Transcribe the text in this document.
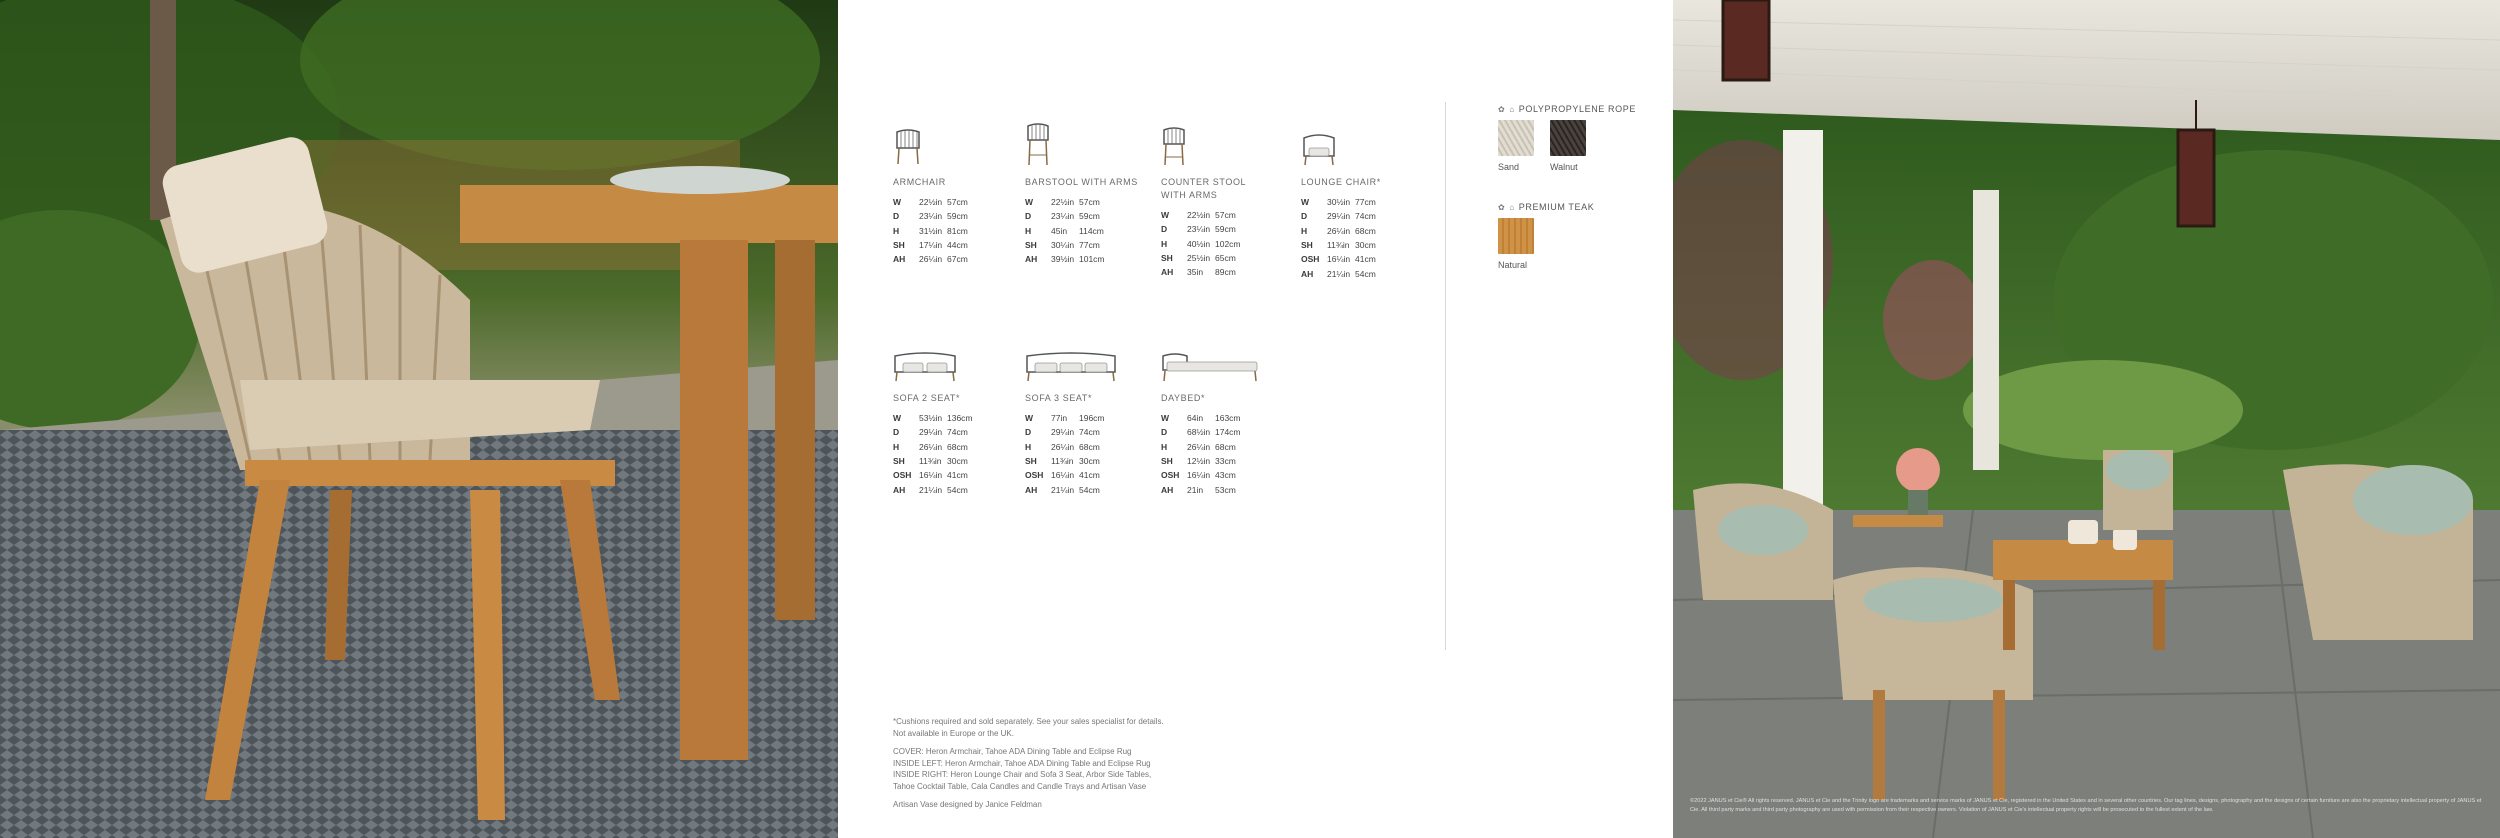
ARMCHAIR
W	22½in	57cm
D	23¼in	59cm
H	31½in	81cm
SH	17¼in	44cm
AH	26¼in	67cm
BARSTOOL WITH ARMS
W	22½in	57cm
D	23¼in	59cm
H	45in	114cm
SH	30¼in	77cm
AH	39½in	101cm
COUNTER STOOL
WITH ARMS
W	22½in	57cm
D	23¼in	59cm
H	40½in	102cm
SH	25½in	65cm
AH	35in	89cm
LOUNGE CHAIR*
W	30½in	77cm
D	29¼in	74cm
H	26¼in	68cm
SH	11¾in	30cm
OSH	16¼in	41cm
AH	21¼in	54cm
SOFA 2 SEAT*
W	53½in	136cm
D	29¼in	74cm
H	26¼in	68cm
SH	11¾in	30cm
OSH	16¼in	41cm
AH	21¼in	54cm
SOFA 3 SEAT*
W	77in	196cm
D	29¼in	74cm
H	26¼in	68cm
SH	11¾in	30cm
OSH	16¼in	41cm
AH	21¼in	54cm
DAYBED*
W	64in	163cm
D	68½in	174cm
H	26¼in	68cm
SH	12½in	33cm
OSH	16¼in	43cm
AH	21in	53cm
✿ ⌂ POLYPROPYLENE ROPE
Sand	Walnut
✿ ⌂ PREMIUM TEAK
Natural

*Cushions required and sold separately. See your sales specialist for details.
Not available in Europe or the UK.

COVER: Heron Armchair, Tahoe ADA Dining Table and Eclipse Rug
INSIDE LEFT: Heron Armchair, Tahoe ADA Dining Table and Eclipse Rug
INSIDE RIGHT: Heron Lounge Chair and Sofa 3 Seat, Arbor Side Tables,
Tahoe Cocktail Table, Cala Candles and Candle Trays and Artisan Vase

Artisan Vase designed by Janice Feldman	©2022 JANUS et Cie® All rights reserved. JANUS et Cie and the Trinity logo are trademarks and service marks of JANUS et Cie, registered in the United States and in several other countries. Our tag lines, designs, photography and the designs of certain furniture are also the proprietary intellectual property of JANUS et Cie. All third party marks and third party photography are used with permission from their respective owners. Violation of JANUS et Cie's intellectual property rights will be prosecuted to the fullest extent of the law.
